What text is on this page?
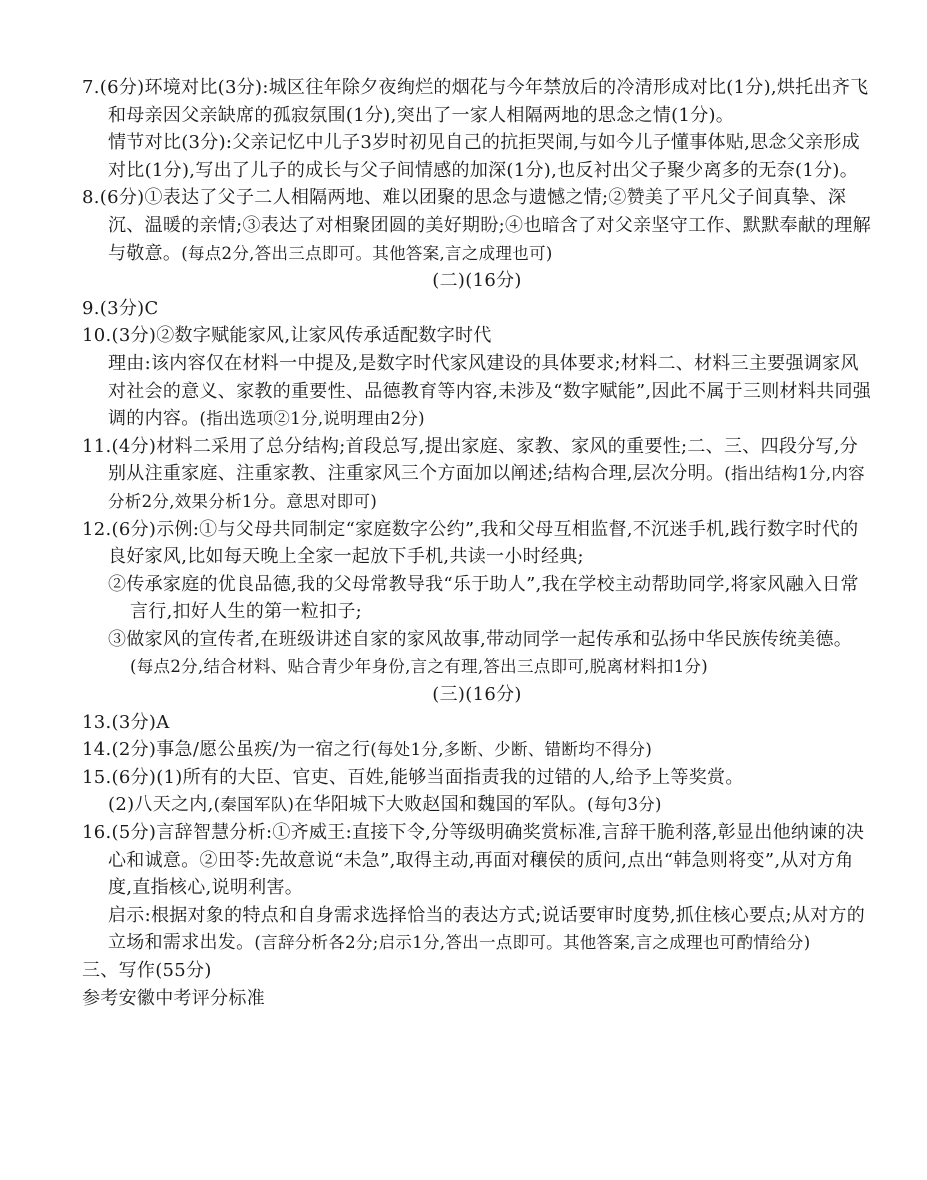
7.(6分)环境对比(3分):城区往年除夕夜绚烂的烟花与今年禁放后的冷清形成对比(1分),烘托出齐飞和母亲因父亲缺席的孤寂氛围(1分),突出了一家人相隔两地的思念之情(1分)。

情节对比(3分):父亲记忆中儿子3岁时初见自己的抗拒哭闹,与如今儿子懂事体贴,思念父亲形成对比(1分),写出了儿子的成长与父子间情感的加深(1分),也反衬出父子聚少离多的无奈(1分)。

8.(6分)①表达了父子二人相隔两地、难以团聚的思念与遗憾之情;②赞美了平凡父子间真挚、深沉、温暖的亲情;③表达了对相聚团圆的美好期盼;④也暗含了对父亲坚守工作、默默奉献的理解与敬意。(每点2分,答出三点即可。其他答案,言之成理也可)

(二)(16分)

9.(3分)C

10.(3分)②数字赋能家风,让家风传承适配数字时代

理由:该内容仅在材料一中提及,是数字时代家风建设的具体要求;材料二、材料三主要强调家风对社会的意义、家教的重要性、品德教育等内容,未涉及“数字赋能”,因此不属于三则材料共同强调的内容。(指出选项②1分,说明理由2分)

11.(4分)材料二采用了总分结构;首段总写,提出家庭、家教、家风的重要性;二、三、四段分写,分别从注重家庭、注重家教、注重家风三个方面加以阐述;结构合理,层次分明。(指出结构1分,内容分析2分,效果分析1分。意思对即可)

12.(6分)示例:①与父母共同制定“家庭数字公约”,我和父母互相监督,不沉迷手机,践行数字时代的良好家风,比如每天晚上全家一起放下手机,共读一小时经典;

②传承家庭的优良品德,我的父母常教导我“乐于助人”,我在学校主动帮助同学,将家风融入日常言行,扣好人生的第一粒扣子;

③做家风的宣传者,在班级讲述自家的家风故事,带动同学一起传承和弘扬中华民族传统美德。(每点2分,结合材料、贴合青少年身份,言之有理,答出三点即可,脱离材料扣1分)

(三)(16分)

13.(3分)A

14.(2分)事急/愿公虽疾/为一宿之行(每处1分,多断、少断、错断均不得分)

15.(6分)(1)所有的大臣、官吏、百姓,能够当面指责我的过错的人,给予上等奖赏。

(2)八天之内,(秦国军队)在华阳城下大败赵国和魏国的军队。(每句3分)

16.(5分)言辞智慧分析:①齐威王:直接下令,分等级明确奖赏标准,言辞干脆利落,彰显出他纳谏的决心和诚意。②田苓:先故意说“未急”,取得主动,再面对穰侯的质问,点出“韩急则将变”,从对方角度,直指核心,说明利害。

启示:根据对象的特点和自身需求选择恰当的表达方式;说话要审时度势,抓住核心要点;从对方的立场和需求出发。(言辞分析各2分;启示1分,答出一点即可。其他答案,言之成理也可酌情给分)

三、写作(55分)

参考安徽中考评分标准
